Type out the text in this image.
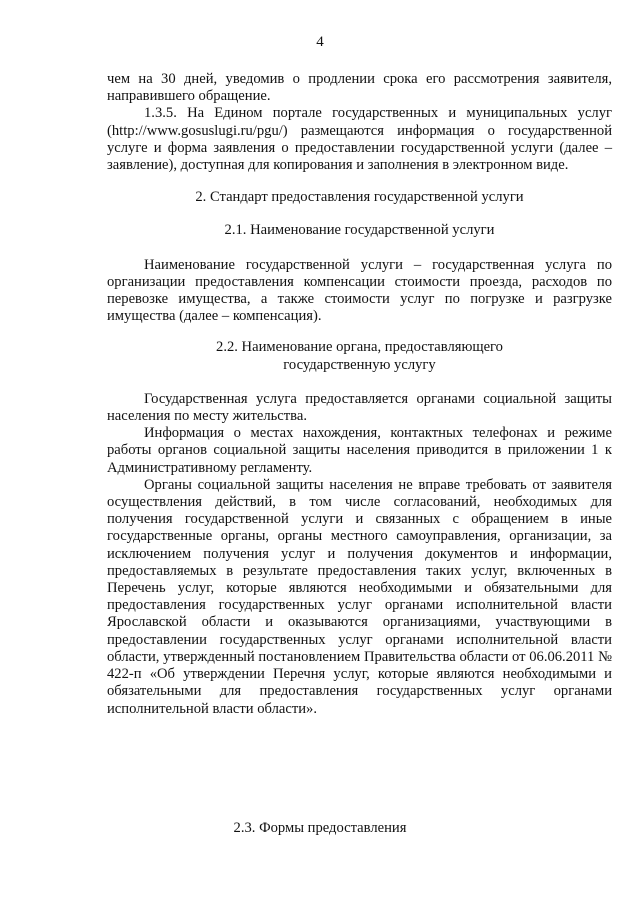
4

чем на 30 дней, уведомив о продлении срока его рассмотрения заявителя, направившего обращение.

1.3.5. На Едином портале государственных и муниципальных услуг (http://www.gosuslugi.ru/pgu/) размещаются информация о государственной услуге и форма заявления о предоставлении государственной услуги (далее – заявление), доступная для копирования и заполнения в электронном виде.

2. Стандарт предоставления государственной услуги

2.1. Наименование государственной услуги

Наименование государственной услуги – государственная услуга по организации предоставления компенсации стоимости проезда, расходов по перевозке имущества, а также стоимости услуг по погрузке и разгрузке имущества (далее – компенсация).

2.2. Наименование органа, предоставляющего
государственную услугу

Государственная услуга предоставляется органами социальной защиты населения по месту жительства.

Информация о местах нахождения, контактных телефонах и режиме работы органов социальной защиты населения приводится в приложении 1 к Административному регламенту.

Органы социальной защиты населения не вправе требовать от заявителя осуществления действий, в том числе согласований, необходимых для получения государственной услуги и связанных с обращением в иные государственные органы, органы местного самоуправления, организации, за исключением получения услуг и получения документов и информации, предоставляемых в результате предоставления таких услуг, включенных в Перечень услуг, которые являются необходимыми и обязательными для предоставления государственных услуг органами исполнительной власти Ярославской области и оказываются организациями, участвующими в предоставлении государственных услуг органами исполнительной власти области, утвержденный постановлением Правительства области от 06.06.2011 № 422-п «Об утверждении Перечня услуг, которые являются необходимыми и обязательными для предоставления государственных услуг органами исполнительной власти области».

2.3. Формы предоставления
